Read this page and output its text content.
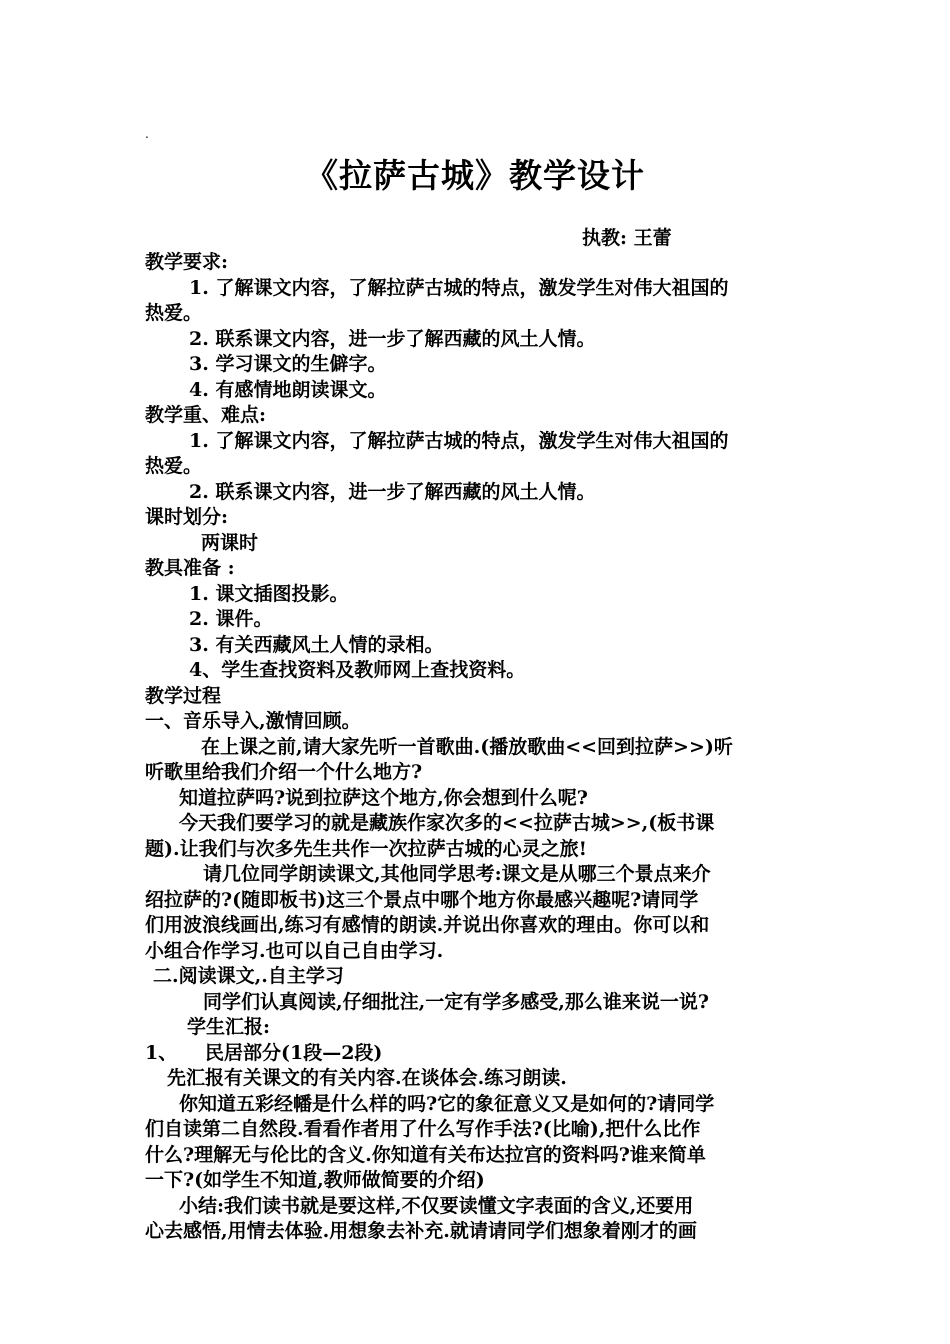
.
《拉萨古城》教学设计
执教: 王蕾
教学要求:
1. 了解课文内容，了解拉萨古城的特点，激发学生对伟大祖国的
热爱。
2. 联系课文内容，进一步了解西藏的风土人情。
3. 学习课文的生僻字。
4. 有感情地朗读课文。
教学重、难点:
1. 了解课文内容，了解拉萨古城的特点，激发学生对伟大祖国的
热爱。
2. 联系课文内容，进一步了解西藏的风土人情。
课时划分:
两课时
教具准备 :
1. 课文插图投影。
2. 课件。
3. 有关西藏风土人情的录相。
4、学生查找资料及教师网上查找资料。
教学过程
一、音乐导入,激情回顾。
在上课之前,请大家先听一首歌曲.(播放歌曲<<回到拉萨>>)听
听歌里给我们介绍一个什么地方?
知道拉萨吗?说到拉萨这个地方,你会想到什么呢?
今天我们要学习的就是藏族作家次多的<<拉萨古城>>,(板书课
题).让我们与次多先生共作一次拉萨古城的心灵之旅!
请几位同学朗读课文,其他同学思考:课文是从哪三个景点来介
绍拉萨的?(随即板书)这三个景点中哪个地方你最感兴趣呢?请同学
们用波浪线画出,练习有感情的朗读.并说出你喜欢的理由。你可以和
小组合作学习.也可以自己自由学习.
二.阅读课文,.自主学习
同学们认真阅读,仔细批注,一定有学多感受,那么谁来说一说?
学生汇报:
1、 民居部分(1段—2段)
先汇报有关课文的有关内容.在谈体会.练习朗读.
你知道五彩经幡是什么样的吗?它的象征意义又是如何的?请同学
们自读第二自然段.看看作者用了什么写作手法?(比喻),把什么比作
什么?理解无与伦比的含义.你知道有关布达拉宫的资料吗?谁来简单
一下?(如学生不知道,教师做简要的介绍)
小结:我们读书就是要这样,不仅要读懂文字表面的含义,还要用
心去感悟,用情去体验.用想象去补充.就请请同学们想象着刚才的画
